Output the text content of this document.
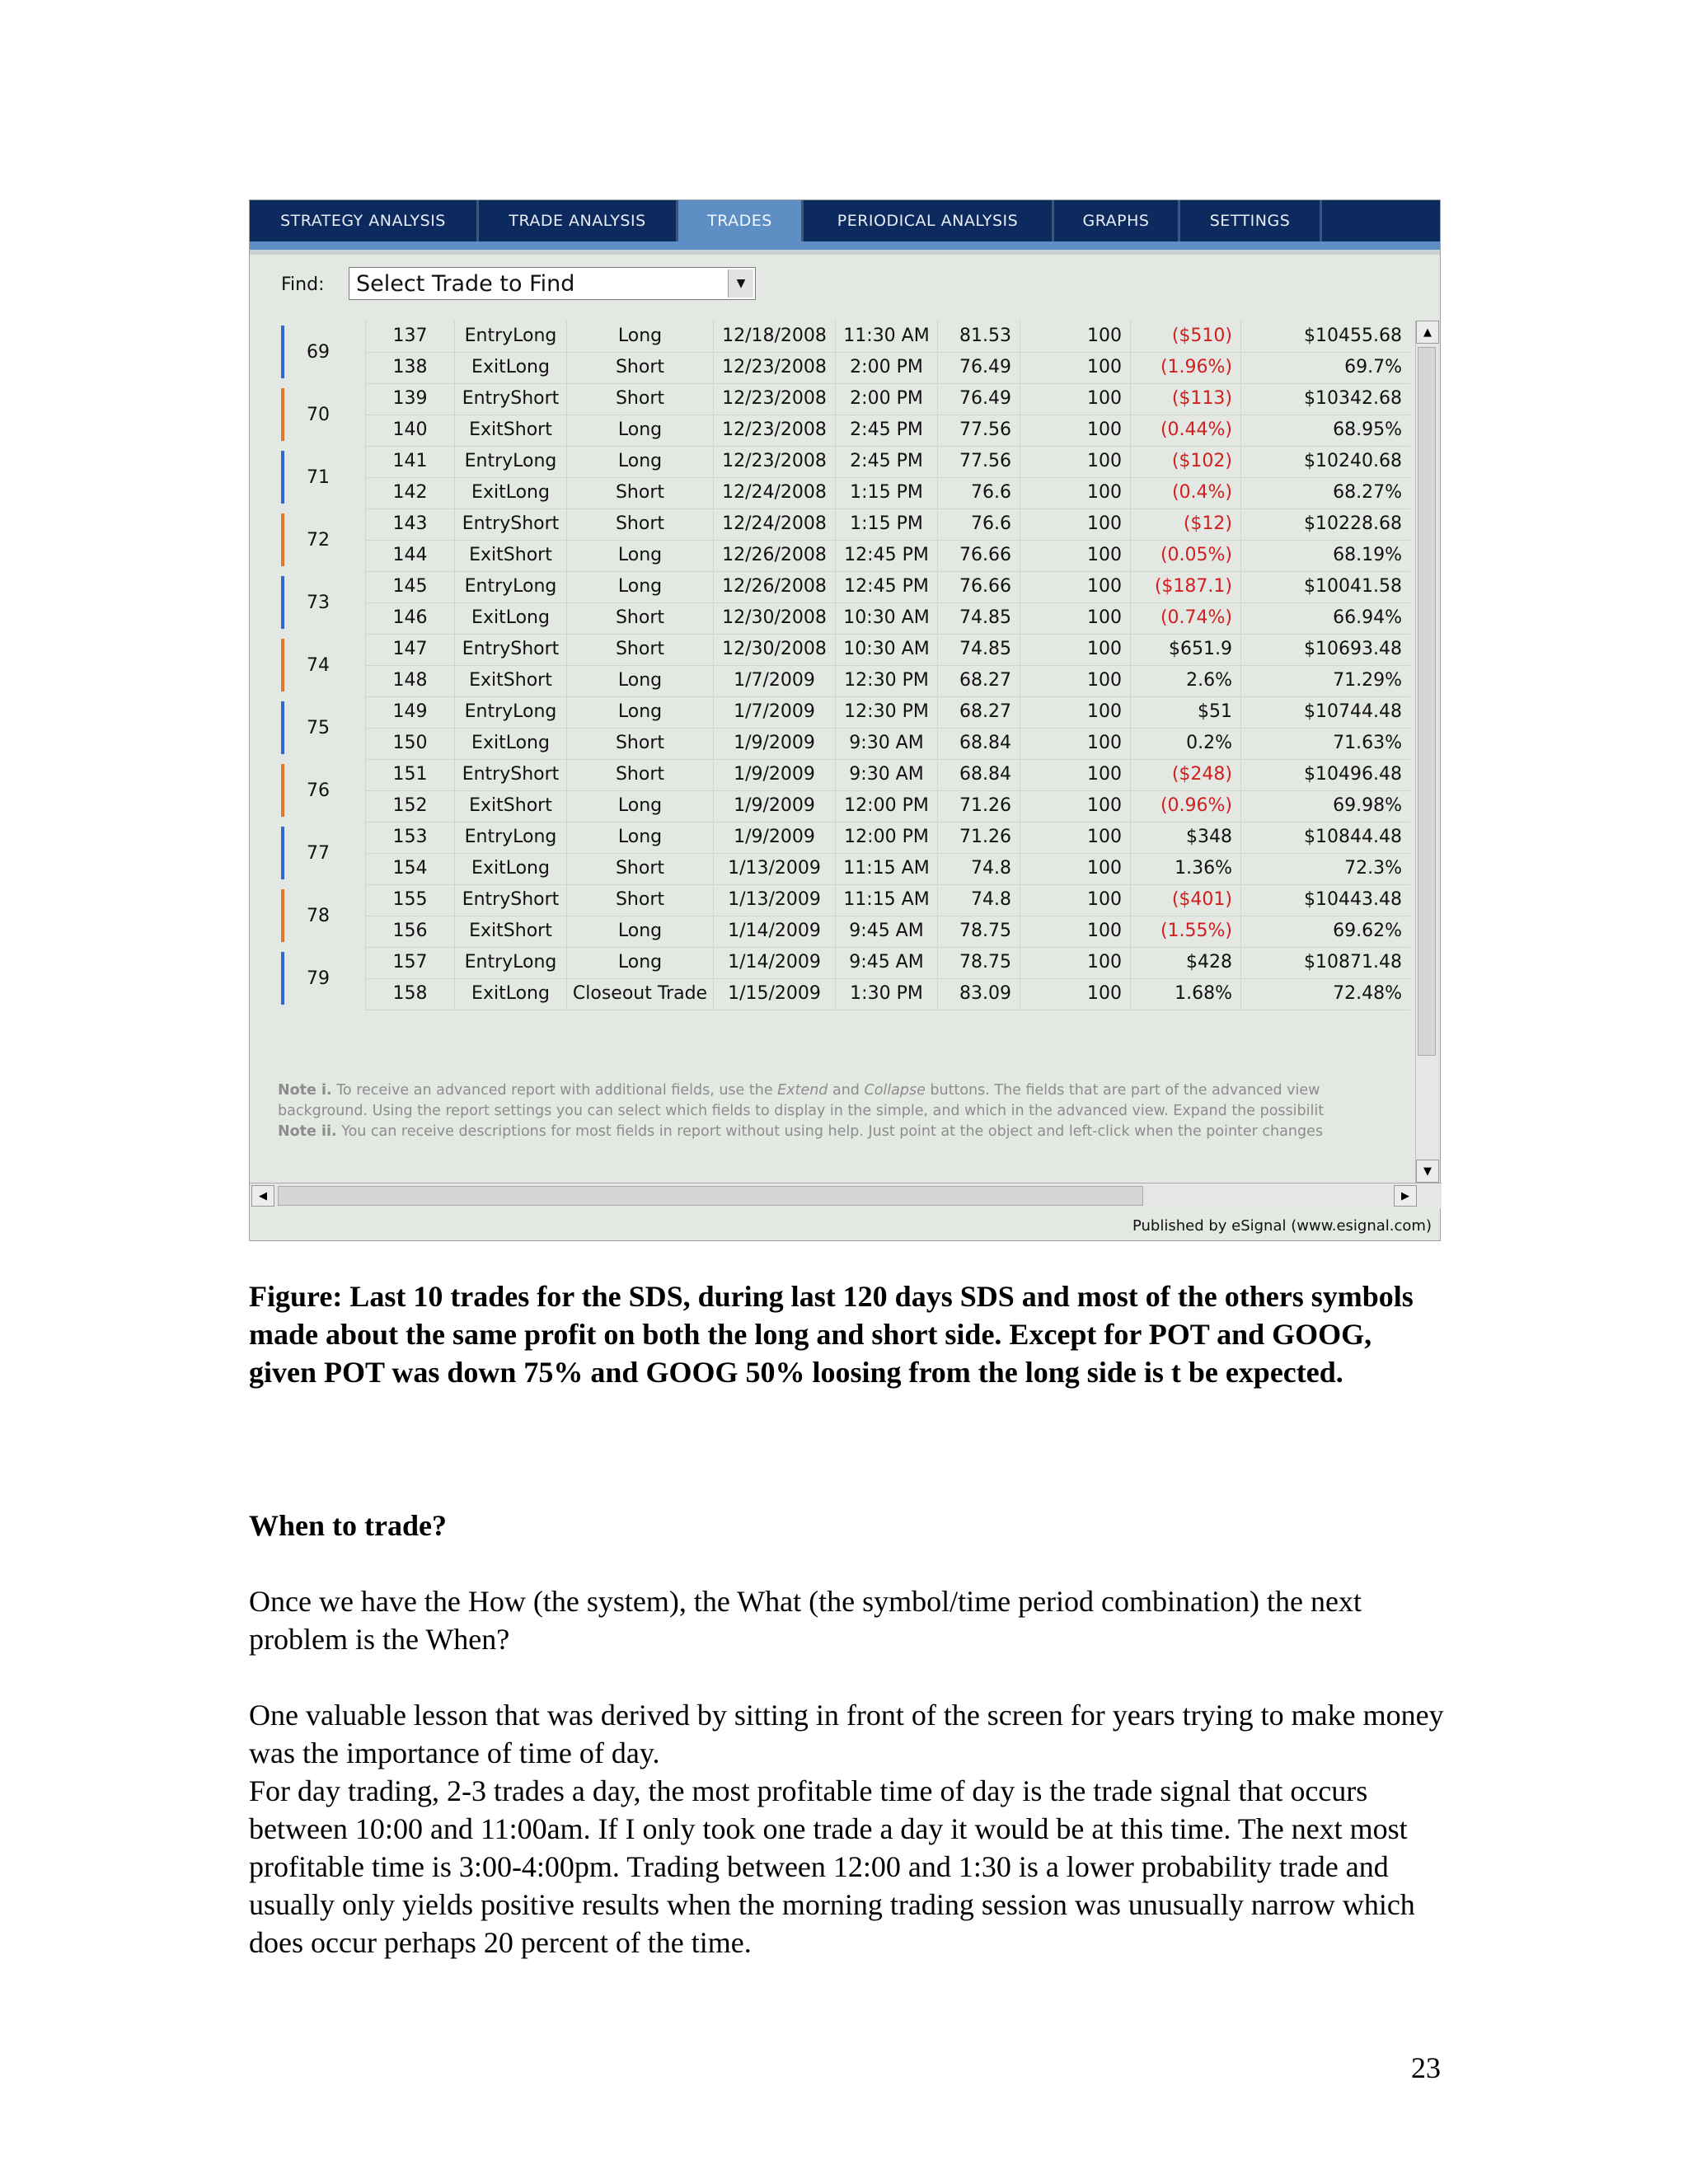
STRATEGY ANALYSIS	TRADE ANALYSIS	TRADES	PERIODICAL ANALYSIS	GRAPHS	SETTINGS
Find: Select Trade to Find	▼
69
137	EntryLong	Long	12/18/2008 11:30 AM	81.53	100	($510)	$10455.68
138	ExitLong	Short	12/23/2008	2:00 PM	76.49	100	(1.96%)	69.7%
70
139	EntryShort	Short	12/23/2008	2:00 PM	76.49	100	($113)	$10342.68
140	ExitShort	Long	12/23/2008	2:45 PM	77.56	100	(0.44%)	68.95%
71
141	EntryLong	Long	12/23/2008	2:45 PM	77.56	100	($102)	$10240.68
142	ExitLong	Short	12/24/2008	1:15 PM	76.6	100	(0.4%)	68.27%
72
143	EntryShort	Short	12/24/2008	1:15 PM	76.6	100	($12)	$10228.68
144	ExitShort	Long	12/26/2008 12:45 PM	76.66	100	(0.05%)	68.19%
73
145	EntryLong	Long	12/26/2008 12:45 PM	76.66	100	($187.1)	$10041.58
146	ExitLong	Short	12/30/2008 10:30 AM	74.85	100	(0.74%)	66.94%
74
147	EntryShort	Short	12/30/2008 10:30 AM	74.85	100	$651.9	$10693.48
148	ExitShort	Long	1/7/2009	12:30 PM	68.27	100	2.6%	71.29%
75
149	EntryLong	Long	1/7/2009	12:30 PM	68.27	100	$51	$10744.48
150	ExitLong	Short	1/9/2009	9:30 AM	68.84	100	0.2%	71.63%
76
151	EntryShort	Short	1/9/2009	9:30 AM	68.84	100	($248)	$10496.48
152	ExitShort	Long	1/9/2009	12:00 PM	71.26	100	(0.96%)	69.98%
77
153	EntryLong	Long	1/9/2009	12:00 PM	71.26	100	$348	$10844.48
154	ExitLong	Short	1/13/2009	11:15 AM	74.8	100	1.36%	72.3%
78
155	EntryShort	Short	1/13/2009	11:15 AM	74.8	100	($401)	$10443.48
156	ExitShort	Long	1/14/2009	9:45 AM	78.75	100	(1.55%)	69.62%
79
157	EntryLong	Long	1/14/2009	9:45 AM	78.75	100	$428	$10871.48
158	ExitLong	Closeout Trade	1/15/2009	1:30 PM	83.09	100	1.68%	72.48%
▲
▼
Note i. To receive an advanced report with additional fields, use the Extend and Collapse buttons. The fields that are part of the advanced view
background. Using the report settings you can select which fields to display in the simple, and which in the advanced view. Expand the possibilit
Note ii. You can receive descriptions for most fields in report without using help. Just point at the object and left-click when the pointer changes
◀	▶
Published by eSignal (www.esignal.com)
Figure: Last 10 trades for the SDS, during last 120 days SDS and most of the others symbols made about the same profit on both the long and short side. Except for POT and GOOG, given POT was down 75% and GOOG 50% loosing from the long side is t be expected.
When to trade?
Once we have the How (the system), the What (the symbol/time period combination) the next problem is the When?
One valuable lesson that was derived by sitting in front of the screen for years trying to make money was the importance of time of day.
For day trading, 2-3 trades a day, the most profitable time of day is the trade signal that occurs between 10:00 and 11:00am. If I only took one trade a day it would be at this time. The next most profitable time is 3:00-4:00pm. Trading between 12:00 and 1:30 is a lower probability trade and usually only yields positive results when the morning trading session was unusually narrow which does occur perhaps 20 percent of the time.
23
